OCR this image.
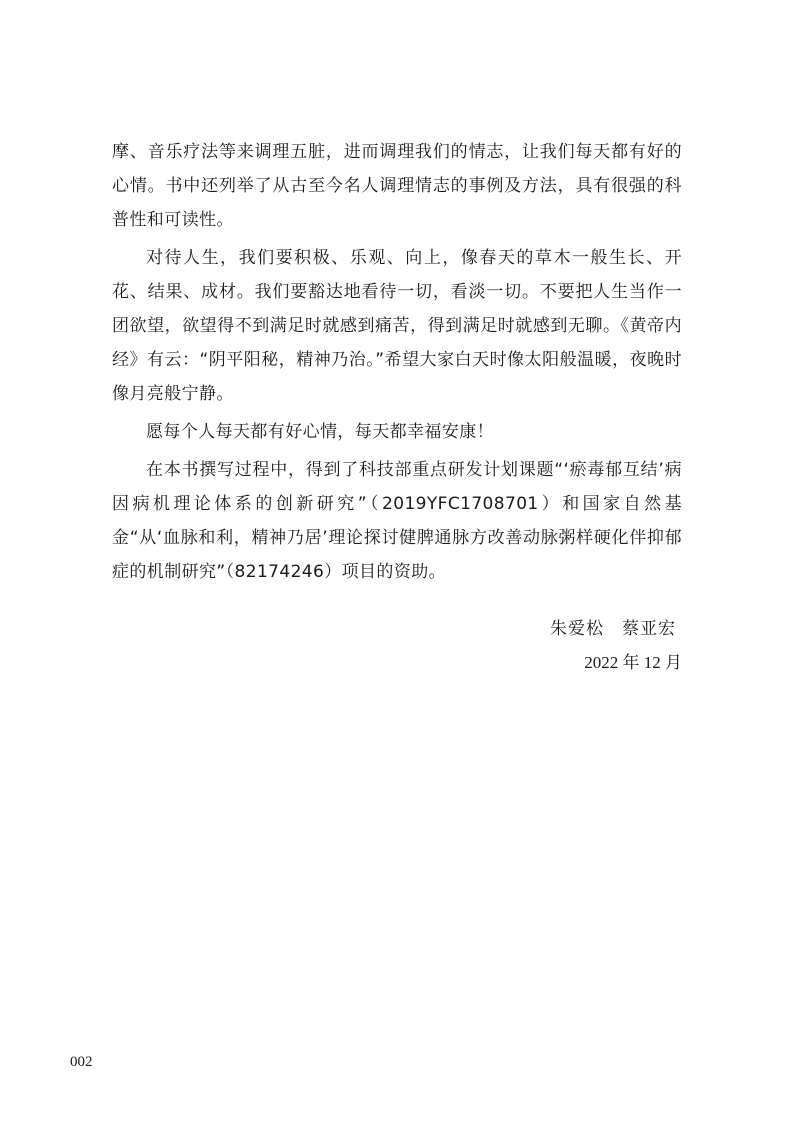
摩、音乐疗法等来调理五脏，进而调理我们的情志，让我们每天都有好的心情。书中还列举了从古至今名人调理情志的事例及方法，具有很强的科普性和可读性。

对待人生，我们要积极、乐观、向上，像春天的草木一般生长、开花、结果、成材。我们要豁达地看待一切，看淡一切。不要把人生当作一团欲望，欲望得不到满足时就感到痛苦，得到满足时就感到无聊。《黄帝内经》有云：“阴平阳秘，精神乃治。”希望大家白天时像太阳般温暖，夜晚时像月亮般宁静。

愿每个人每天都有好心情，每天都幸福安康！

在本书撰写过程中，得到了科技部重点研发计划课题“‘瘀毒郁互结’病因病机理论体系的创新研究”（2019YFC1708701）和国家自然基金“从‘血脉和利，精神乃居’理论探讨健脾通脉方改善动脉粥样硬化伴抑郁症的机制研究”（82174246）项目的资助。

朱爱松　蔡亚宏
2022 年 12 月
002
